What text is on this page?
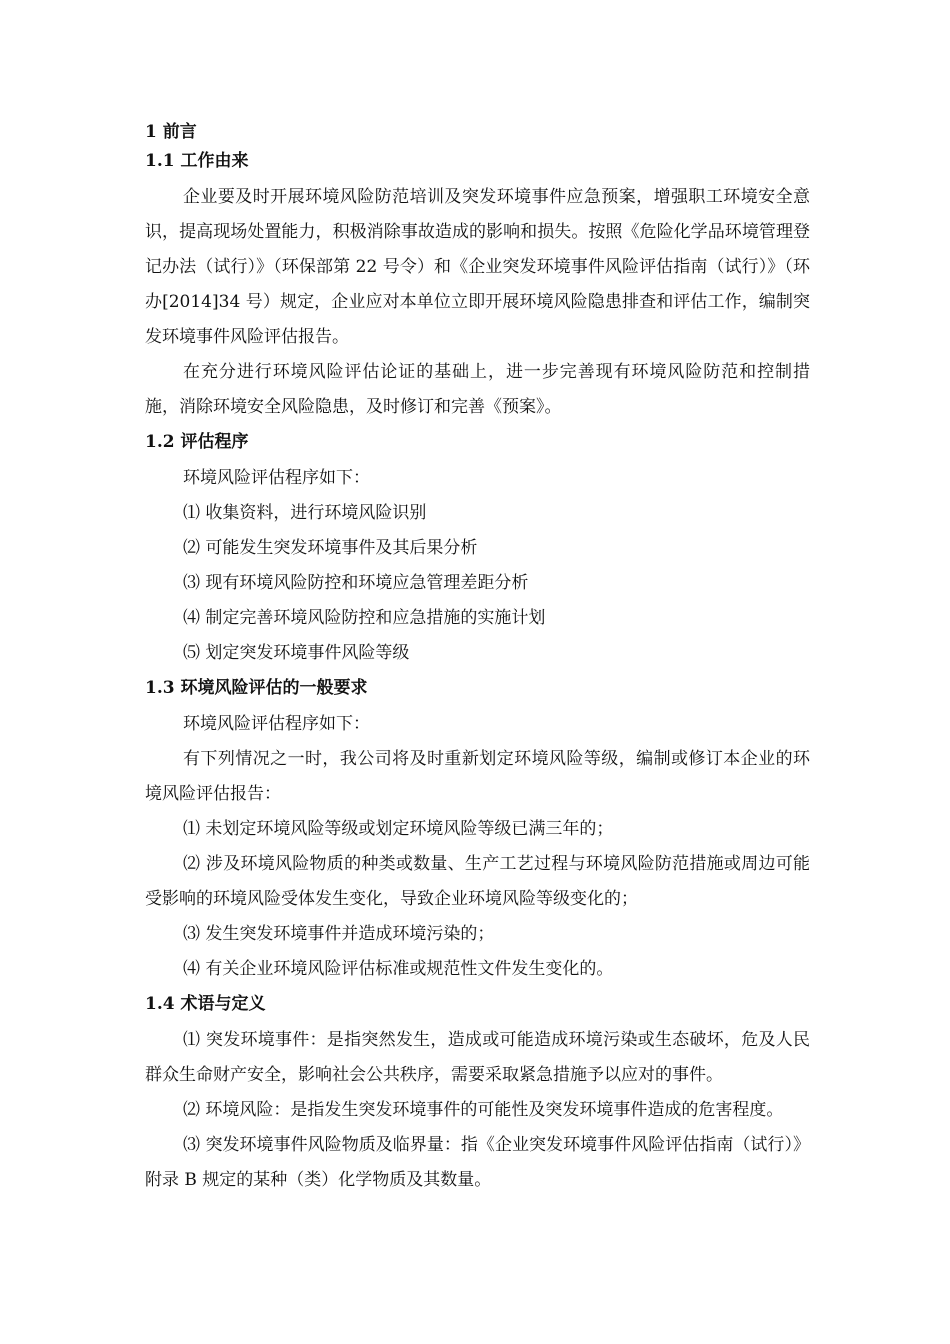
1 前言

1.1 工作由来

企业要及时开展环境风险防范培训及突发环境事件应急预案，增强职工环境安全意识，提高现场处置能力，积极消除事故造成的影响和损失。按照《危险化学品环境管理登记办法（试行）》（环保部第 22 号令）和《企业突发环境事件风险评估指南（试行）》（环办[2014]34 号）规定，企业应对本单位立即开展环境风险隐患排查和评估工作，编制突发环境事件风险评估报告。

在充分进行环境风险评估论证的基础上，进一步完善现有环境风险防范和控制措施，消除环境安全风险隐患，及时修订和完善《预案》。

1.2 评估程序

环境风险评估程序如下：

⑴ 收集资料，进行环境风险识别

⑵ 可能发生突发环境事件及其后果分析

⑶ 现有环境风险防控和环境应急管理差距分析

⑷ 制定完善环境风险防控和应急措施的实施计划

⑸ 划定突发环境事件风险等级

1.3 环境风险评估的一般要求

环境风险评估程序如下：

有下列情况之一时，我公司将及时重新划定环境风险等级，编制或修订本企业的环境风险评估报告：

⑴ 未划定环境风险等级或划定环境风险等级已满三年的；

⑵ 涉及环境风险物质的种类或数量、生产工艺过程与环境风险防范措施或周边可能受影响的环境风险受体发生变化，导致企业环境风险等级变化的；

⑶ 发生突发环境事件并造成环境污染的；

⑷ 有关企业环境风险评估标准或规范性文件发生变化的。

1.4 术语与定义

⑴ 突发环境事件：是指突然发生，造成或可能造成环境污染或生态破坏，危及人民群众生命财产安全，影响社会公共秩序，需要采取紧急措施予以应对的事件。

⑵ 环境风险：是指发生突发环境事件的可能性及突发环境事件造成的危害程度。

⑶ 突发环境事件风险物质及临界量：指《企业突发环境事件风险评估指南（试行）》附录 B 规定的某种（类）化学物质及其数量。
